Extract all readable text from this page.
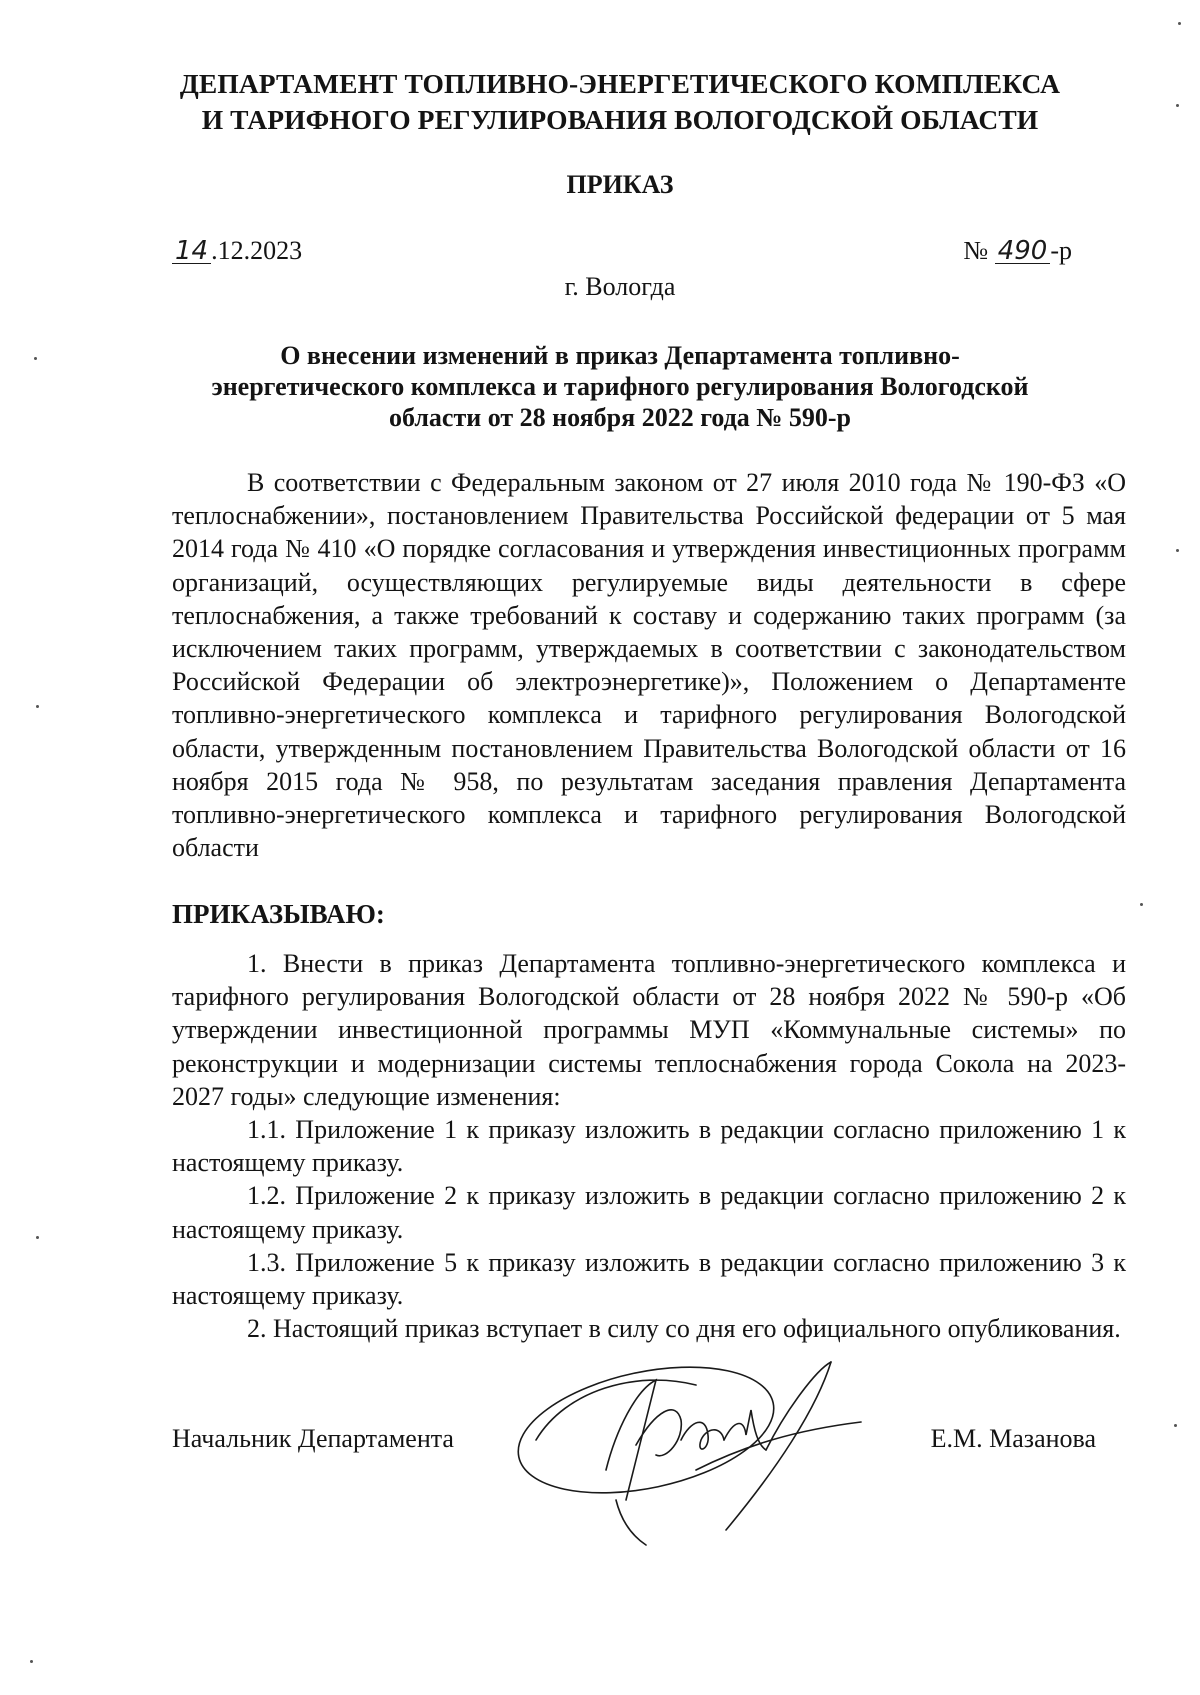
ДЕПАРТАМЕНТ ТОПЛИВНО-ЭНЕРГЕТИЧЕСКОГО КОМПЛЕКСА
И ТАРИФНОГО РЕГУЛИРОВАНИЯ ВОЛОГОДСКОЙ ОБЛАСТИ
ПРИКАЗ
14 .12.2023	№ 490 -р
г. Вологда
О внесении изменений в приказ Департамента топливно-
энергетического комплекса и тарифного регулирования Вологодской
области от 28 ноября 2022 года № 590-р

В соответствии с Федеральным законом от 27 июля 2010 года № 190-ФЗ «О теплоснабжении», постановлением Правительства Российской федерации от 5 мая 2014 года № 410 «О порядке согласования и утверждения инвестиционных программ организаций, осуществляющих регулируемые виды деятельности в сфере теплоснабжения, а также требований к составу и содержанию таких программ (за исключением таких программ, утверждаемых в соответствии с законодательством Российской Федерации об электроэнергетике)», Положением о Департаменте топливно-энергетического комплекса и тарифного регулирования Вологодской области, утвержденным постановлением Правительства Вологодской области от 16 ноября 2015 года № 958, по результатам заседания правления Департамента топливно-энергетического комплекса и тарифного регулирования Вологодской области

ПРИКАЗЫВАЮ:

1. Внести в приказ Департамента топливно-энергетического комплекса и тарифного регулирования Вологодской области от 28 ноября 2022 № 590-р «Об утверждении инвестиционной программы МУП «Коммунальные системы» по реконструкции и модернизации системы теплоснабжения города Сокола на 2023-2027 годы» следующие изменения:

1.1. Приложение 1 к приказу изложить в редакции согласно приложению 1 к настоящему приказу.

1.2. Приложение 2 к приказу изложить в редакции согласно приложению 2 к настоящему приказу.

1.3. Приложение 5 к приказу изложить в редакции согласно приложению 3 к настоящему приказу.

2. Настоящий приказ вступает в силу со дня его официального опубликования.

Начальник Департамента	Е.М. Мазанова
